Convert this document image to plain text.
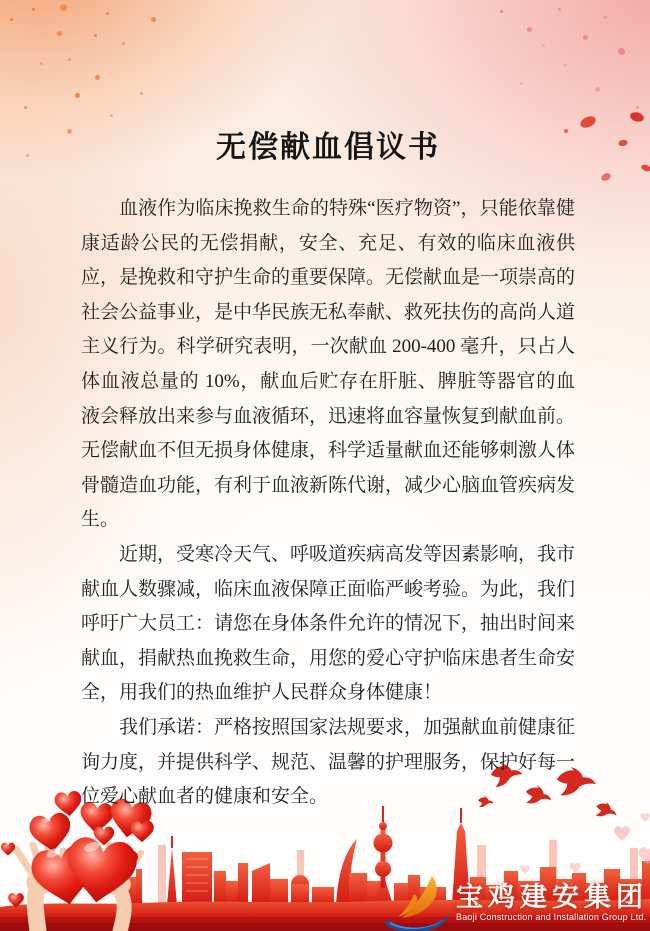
无偿献血倡议书

血液作为临床挽救生命的特殊“医疗物资”，只能依靠健康适龄公民的无偿捐献，安全、充足、有效的临床血液供应，是挽救和守护生命的重要保障。无偿献血是一项崇高的社会公益事业，是中华民族无私奉献、救死扶伤的高尚人道主义行为。科学研究表明，一次献血 200-400 毫升，只占人体血液总量的 10%，献血后贮存在肝脏、脾脏等器官的血液会释放出来参与血液循环，迅速将血容量恢复到献血前。无偿献血不但无损身体健康，科学适量献血还能够刺激人体骨髓造血功能，有利于血液新陈代谢，减少心脑血管疾病发生。

近期，受寒冷天气、呼吸道疾病高发等因素影响，我市献血人数骤减，临床血液保障正面临严峻考验。为此，我们呼吁广大员工：请您在身体条件允许的情况下，抽出时间来献血，捐献热血挽救生命，用您的爱心守护临床患者生命安全，用我们的热血维护人民群众身体健康！

我们承诺：严格按照国家法规要求，加强献血前健康征询力度，并提供科学、规范、温馨的护理服务，保护好每一位爱心献血者的健康和安全。

宝鸡建安集团
Baoji Construction and Installation Group Ltd.
